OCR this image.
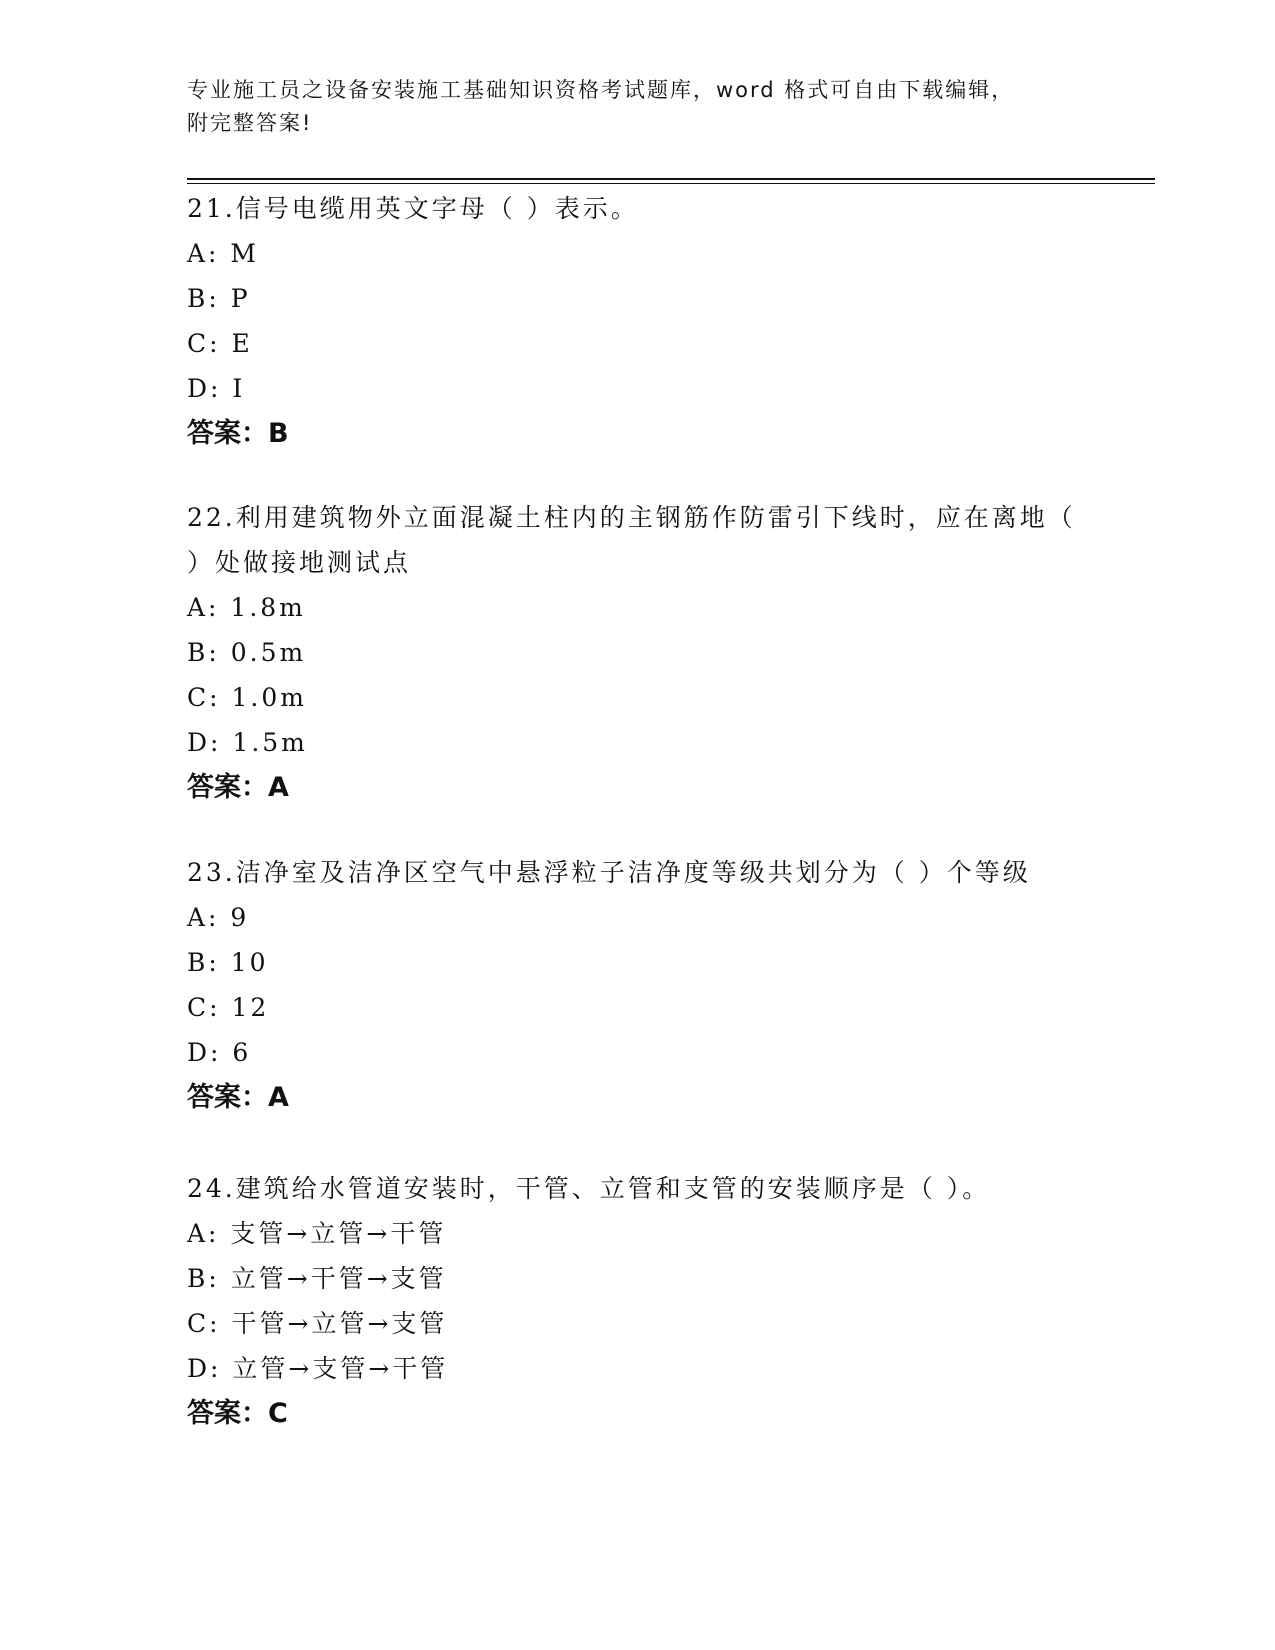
专业施工员之设备安装施工基础知识资格考试题库，word 格式可自由下载编辑，
附完整答案!

21.信号电缆用英文字母（ ）表示。

A: M

B: P

C: E

D: I

答案：B

22.利用建筑物外立面混凝土柱内的主钢筋作防雷引下线时，应在离地（ ）处做接地测试点

A: 1.8m

B: 0.5m

C: 1.0m

D: 1.5m

答案：A

23.洁净室及洁净区空气中悬浮粒子洁净度等级共划分为（ ）个等级

A: 9

B: 10

C: 12

D: 6

答案：A

24.建筑给水管道安装时，干管、立管和支管的安装顺序是（ ）。

A: 支管→立管→干管

B: 立管→干管→支管

C: 干管→立管→支管

D: 立管→支管→干管

答案：C
